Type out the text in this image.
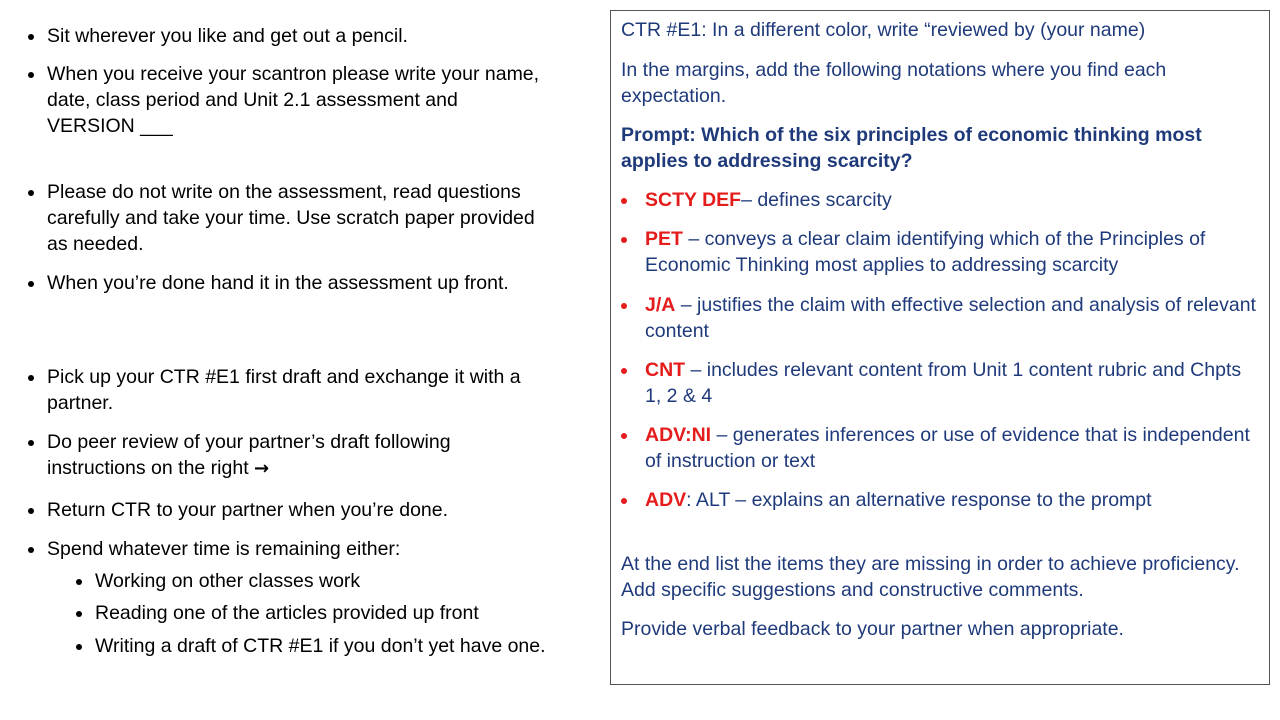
Sit wherever you like and get out a pencil.
When you receive your scantron please write your name, date, class period and Unit 2.1 assessment and VERSION ___
Please do not write on the assessment, read questions carefully and take your time. Use scratch paper provided as needed.
When you’re done hand it in the assessment up front.
Pick up your CTR #E1 first draft and exchange it with a partner.
Do peer review of your partner’s draft following instructions on the right →
Return CTR to your partner when you’re done.
Spend whatever time is remaining either:
Working on other classes work
Reading one of the articles provided up front
Writing a draft of CTR #E1 if you don’t yet have one.
CTR #E1: In a different color, write “reviewed by (your name)
In the margins, add the following notations where you find each expectation.
Prompt: Which of the six principles of economic thinking most applies to addressing scarcity?
SCTY DEF– defines scarcity
PET – conveys a clear claim identifying which of the Principles of Economic Thinking most applies to addressing scarcity
J/A – justifies the claim with effective selection and analysis of relevant content
CNT – includes relevant content from Unit 1 content rubric and Chpts 1, 2 & 4
ADV:NI – generates inferences or use of evidence that is independent of instruction or text
ADV: ALT – explains an alternative response to the prompt
At the end list the items they are missing in order to achieve proficiency. Add specific suggestions and constructive comments.
Provide verbal feedback to your partner when appropriate.
